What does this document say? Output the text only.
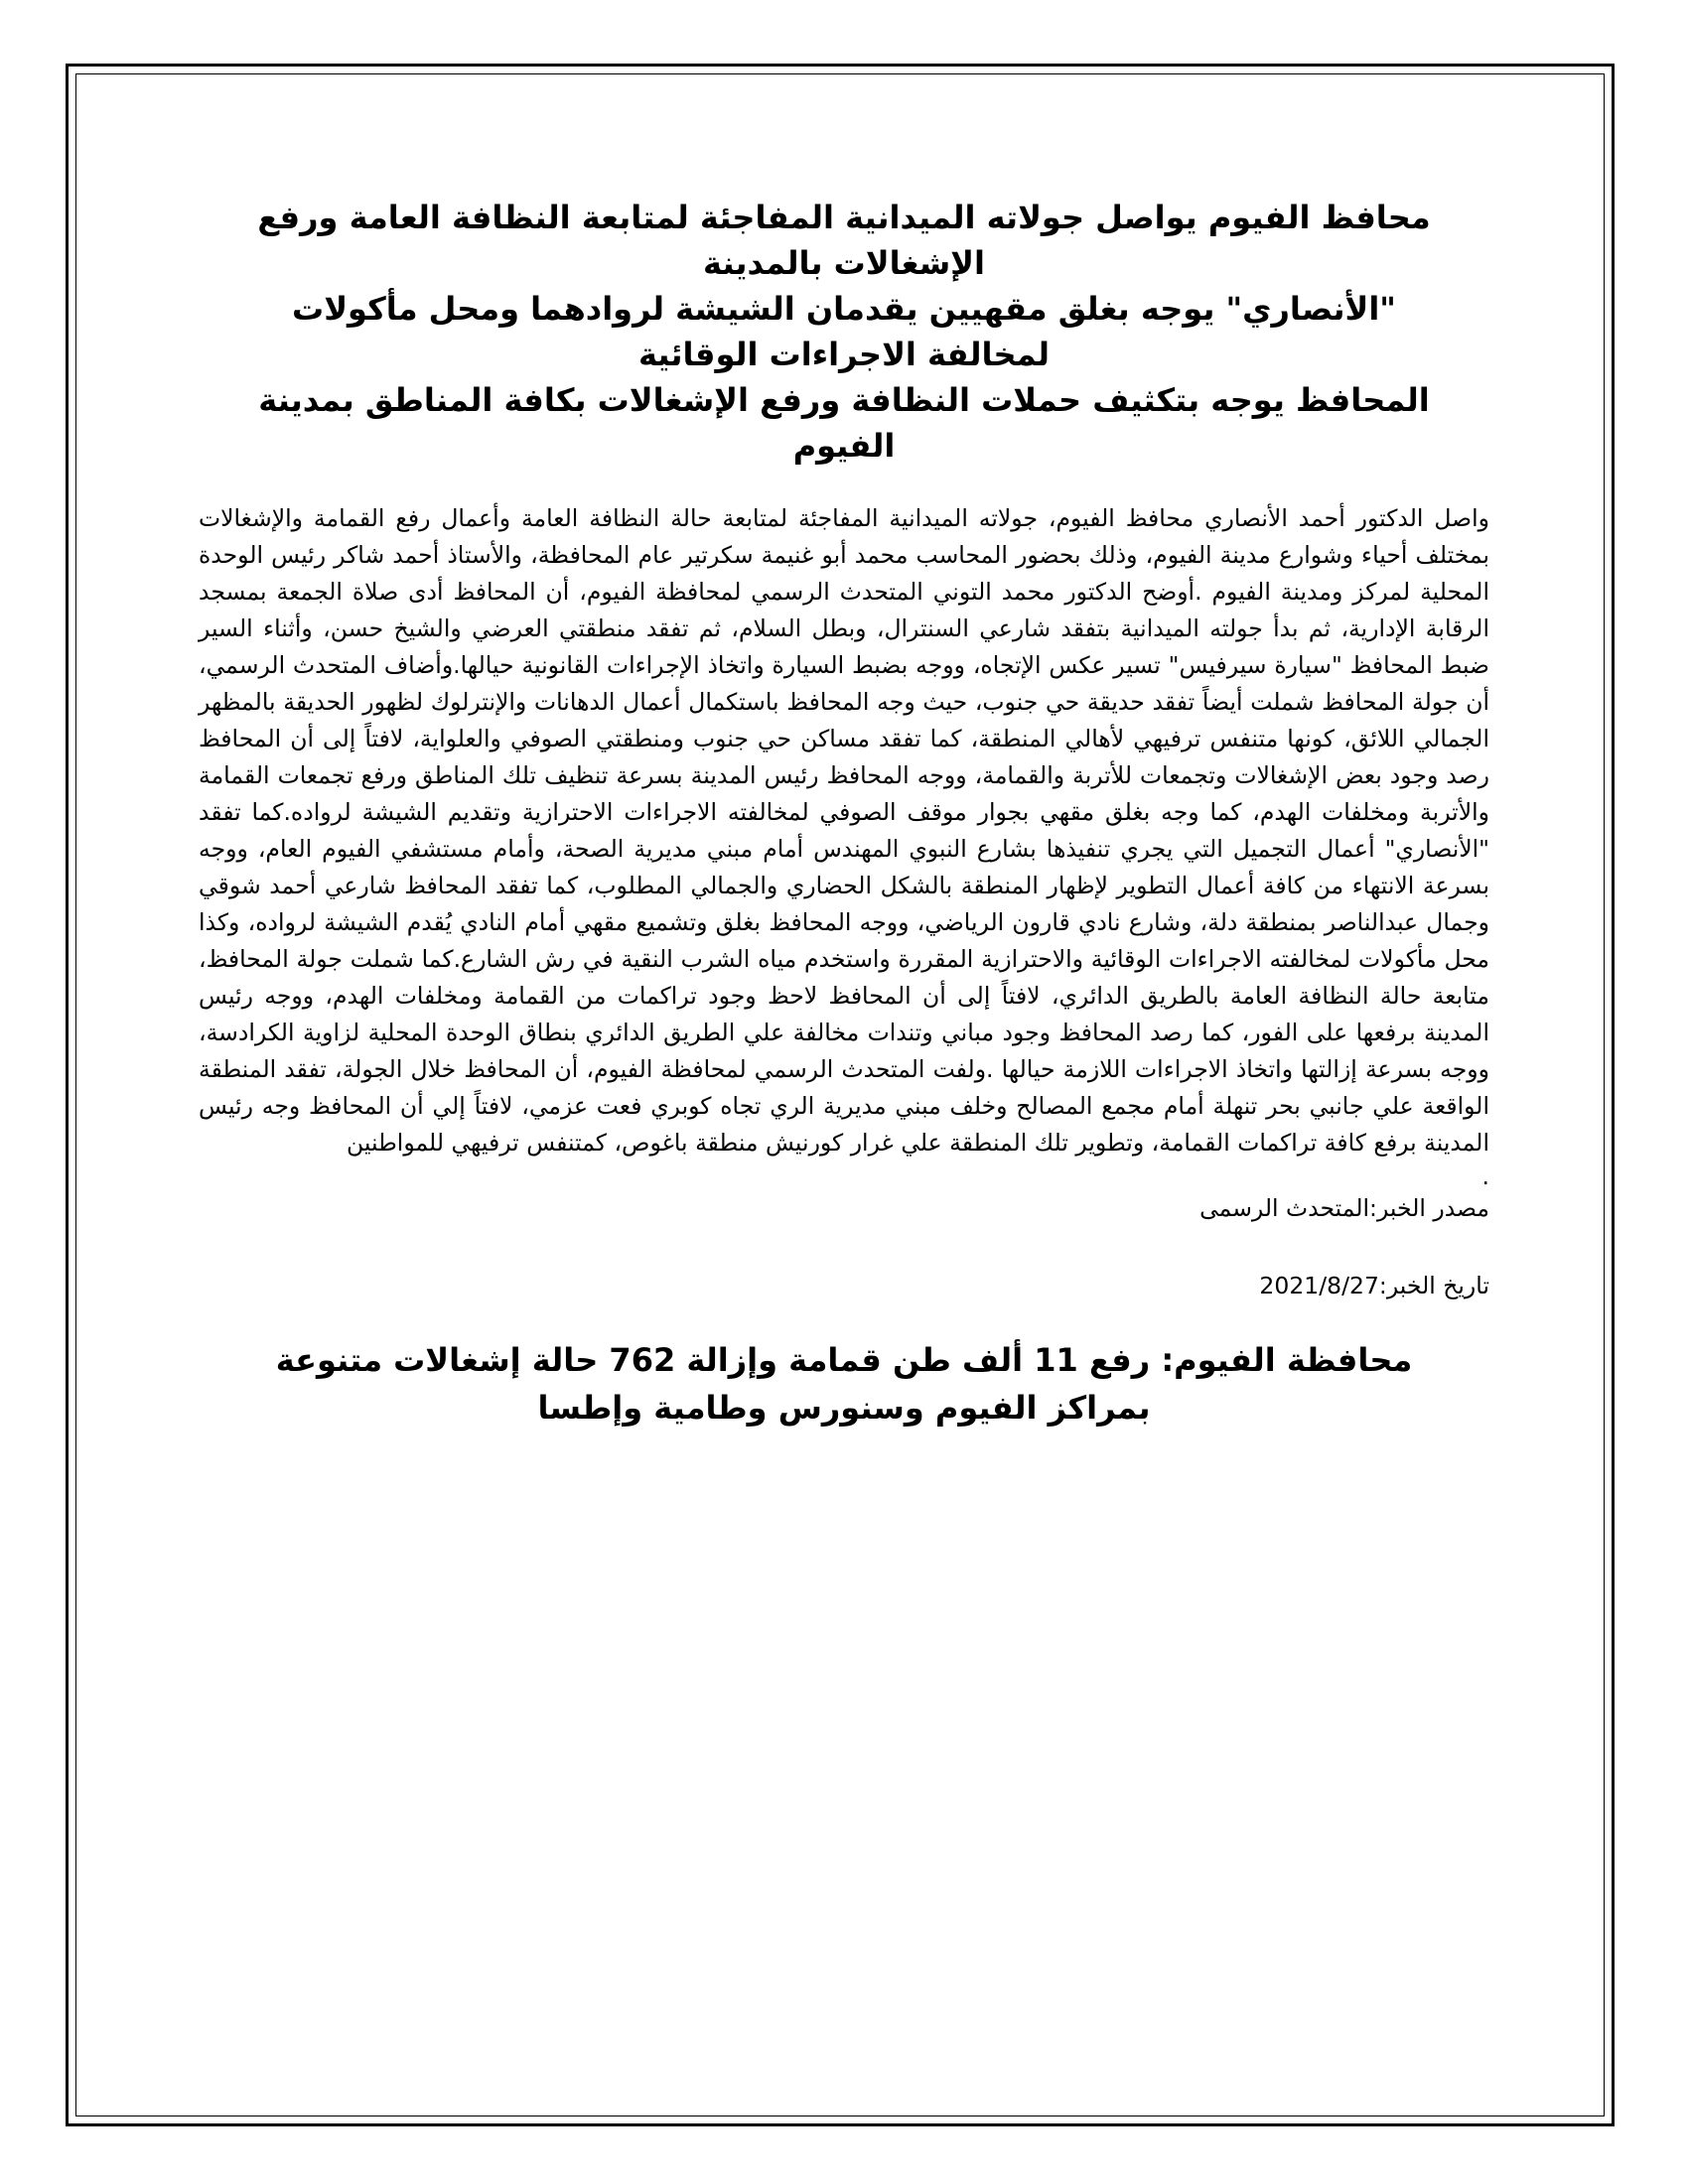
محافظ الفيوم يواصل جولاته الميدانية المفاجئة لمتابعة النظافة العامة ورفع
الإشغالات بالمدينة
"الأنصاري" يوجه بغلق مقهيين يقدمان الشيشة لروادهما ومحل مأكولات
لمخالفة الاجراءات الوقائية
المحافظ يوجه بتكثيف حملات النظافة ورفع الإشغالات بكافة المناطق بمدينة
الفيوم

واصل الدكتور أحمد الأنصاري محافظ الفيوم، جولاته الميدانية المفاجئة لمتابعة حالة النظافة العامة وأعمال رفع القمامة والإشغالات بمختلف أحياء وشوارع مدينة الفيوم، وذلك بحضور المحاسب محمد أبو غنيمة سكرتير عام المحافظة، والأستاذ أحمد شاكر رئيس الوحدة المحلية لمركز ومدينة الفيوم .أوضح الدكتور محمد التوني المتحدث الرسمي لمحافظة الفيوم، أن المحافظ أدى صلاة الجمعة بمسجد الرقابة الإدارية، ثم بدأ جولته الميدانية بتفقد شارعي السنترال، وبطل السلام، ثم تفقد منطقتي العرضي والشيخ حسن، وأثناء السير ضبط المحافظ "سيارة سيرفيس" تسير عكس الإتجاه، ووجه بضبط السيارة واتخاذ الإجراءات القانونية حيالها.وأضاف المتحدث الرسمي، أن جولة المحافظ شملت أيضاً تفقد حديقة حي جنوب، حيث وجه المحافظ باستكمال أعمال الدهانات والإنترلوك لظهور الحديقة بالمظهر الجمالي اللائق، كونها متنفس ترفيهي لأهالي المنطقة، كما تفقد مساكن حي جنوب ومنطقتي الصوفي والعلواية، لافتاً إلى أن المحافظ رصد وجود بعض الإشغالات وتجمعات للأتربة والقمامة، ووجه المحافظ رئيس المدينة بسرعة تنظيف تلك المناطق ورفع تجمعات القمامة والأتربة ومخلفات الهدم، كما وجه بغلق مقهي بجوار موقف الصوفي لمخالفته الاجراءات الاحترازية وتقديم الشيشة لرواده.كما تفقد "الأنصاري" أعمال التجميل التي يجري تنفيذها بشارع النبوي المهندس أمام مبني مديرية الصحة، وأمام مستشفي الفيوم العام، ووجه بسرعة الانتهاء من كافة أعمال التطوير لإظهار المنطقة بالشكل الحضاري والجمالي المطلوب، كما تفقد المحافظ شارعي أحمد شوقي وجمال عبدالناصر بمنطقة دلة، وشارع نادي قارون الرياضي، ووجه المحافظ بغلق وتشميع مقهي أمام النادي يُقدم الشيشة لرواده، وكذا محل مأكولات لمخالفته الاجراءات الوقائية والاحترازية المقررة واستخدم مياه الشرب النقية في رش الشارع.كما شملت جولة المحافظ، متابعة حالة النظافة العامة بالطريق الدائري، لافتاً إلى أن المحافظ لاحظ وجود تراكمات من القمامة ومخلفات الهدم، ووجه رئيس المدينة برفعها على الفور، كما رصد المحافظ وجود مباني وتندات مخالفة علي الطريق الدائري بنطاق الوحدة المحلية لزاوية الكرادسة، ووجه بسرعة إزالتها واتخاذ الاجراءات اللازمة حيالها .ولفت المتحدث الرسمي لمحافظة الفيوم، أن المحافظ خلال الجولة، تفقد المنطقة الواقعة علي جانبي بحر تنهلة أمام مجمع المصالح وخلف مبني مديرية الري تجاه كوبري فعت عزمي، لافتاً إلي أن المحافظ وجه رئيس المدينة برفع كافة تراكمات القمامة، وتطوير تلك المنطقة علي غرار كورنيش منطقة باغوص، كمتنفس ترفيهي للمواطنين

.

مصدر الخبر:المتحدث الرسمى

تاريخ الخبر:2021/8/27

محافظة الفيوم: رفع 11 ألف طن قمامة وإزالة 762 حالة إشغالات متنوعة
بمراكز الفيوم وسنورس وطامية وإطسا
